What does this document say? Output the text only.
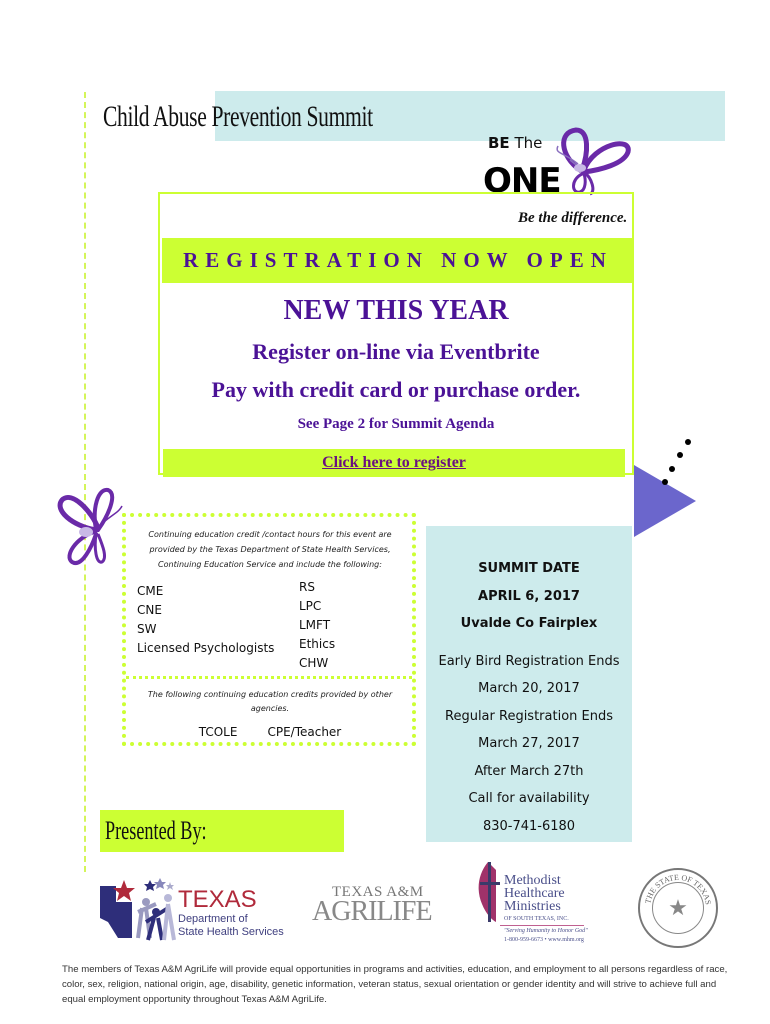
Child Abuse Prevention Summit
BE The
ONE
Be the difference.
REGISTRATION NOW OPEN
NEW THIS YEAR
Register on-line via Eventbrite
Pay with credit card or purchase order.
See Page 2 for Summit Agenda
Click here to register
Continuing education credit /contact hours for this event are provided by the Texas Department of State Health Services, Continuing Education Service and include the following:
CME
CNE
SW
Licensed Psychologists
RS
LPC
LMFT
Ethics
CHW
The following continuing education credits provided by other agencies.
TCOLE	CPE/Teacher
SUMMIT DATE
APRIL 6, 2017
Uvalde Co Fairplex
Early Bird Registration Ends
March 20, 2017
Regular Registration Ends
March 27, 2017
After March 27th
Call for availability
830-741-6180
Presented By:
TEXAS
Department of
State Health Services
TEXAS A&M
AGRILIFE
Methodist
Healthcare
Ministries
OF SOUTH TEXAS, INC.
"Serving Humanity to Honor God"
1-800-959-6673 • www.mhm.org
THE STATE OF TEXAS
★
The members of Texas A&M AgriLife will provide equal opportunities in programs and activities, education, and employment to all persons regardless of race, color, sex, religion, national origin, age, disability, genetic information, veteran status, sexual orientation or gender identity and will strive to achieve full and equal employment opportunity throughout Texas A&M AgriLife.
